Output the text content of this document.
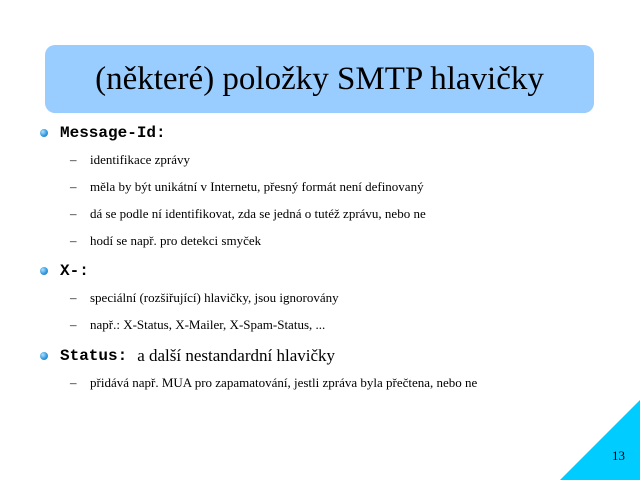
(některé) položky SMTP hlavičky
Message-Id:
–	identifikace zprávy
–	měla by být unikátní v Internetu, přesný formát není definovaný
–	dá se podle ní identifikovat, zda se jedná o tutéž zprávu, nebo ne
–	hodí se např. pro detekci smyček
X-:
–	speciální (rozšiřující) hlavičky, jsou ignorovány
–	např.: X-Status, X-Mailer, X-Spam-Status, ...
Status: a další nestandardní hlavičky
–	přidává např. MUA pro zapamatování, jestli zpráva byla přečtena, nebo ne
13
